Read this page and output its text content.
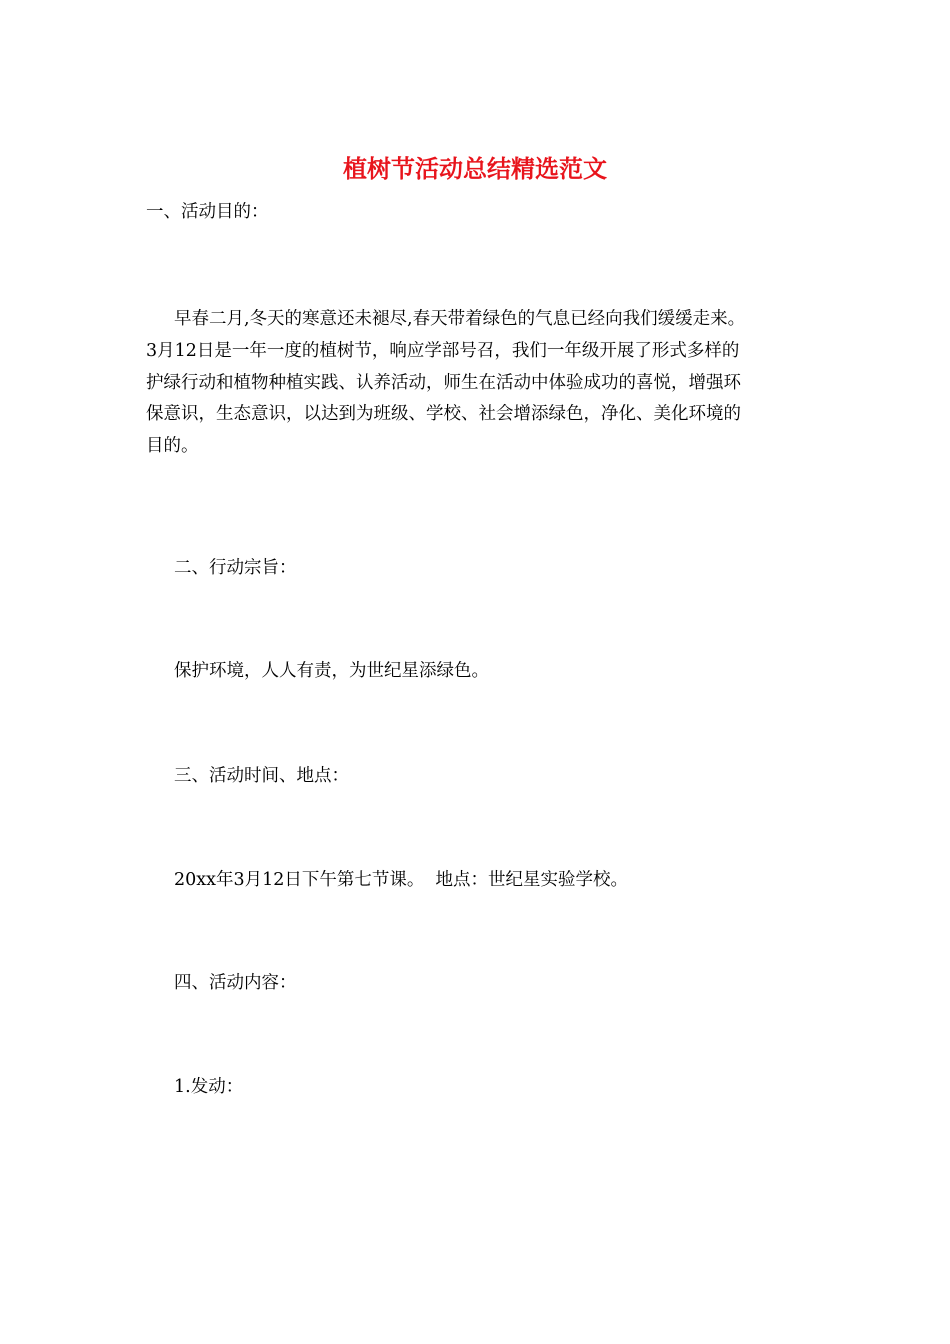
植树节活动总结精选范文

一、活动目的：

早春二月,冬天的寒意还未褪尽,春天带着绿色的气息已经向我们缓缓走来。

3月12日是一年一度的植树节，响应学部号召，我们一年级开展了形式多样的

护绿行动和植物种植实践、认养活动，师生在活动中体验成功的喜悦，增强环

保意识，生态意识，以达到为班级、学校、社会增添绿色，净化、美化环境的

目的。

二、行动宗旨：

保护环境，人人有责，为世纪星添绿色。

三、活动时间、地点：

20xx年3月12日下午第七节课。  地点：世纪星实验学校。

四、活动内容：

1.发动：
